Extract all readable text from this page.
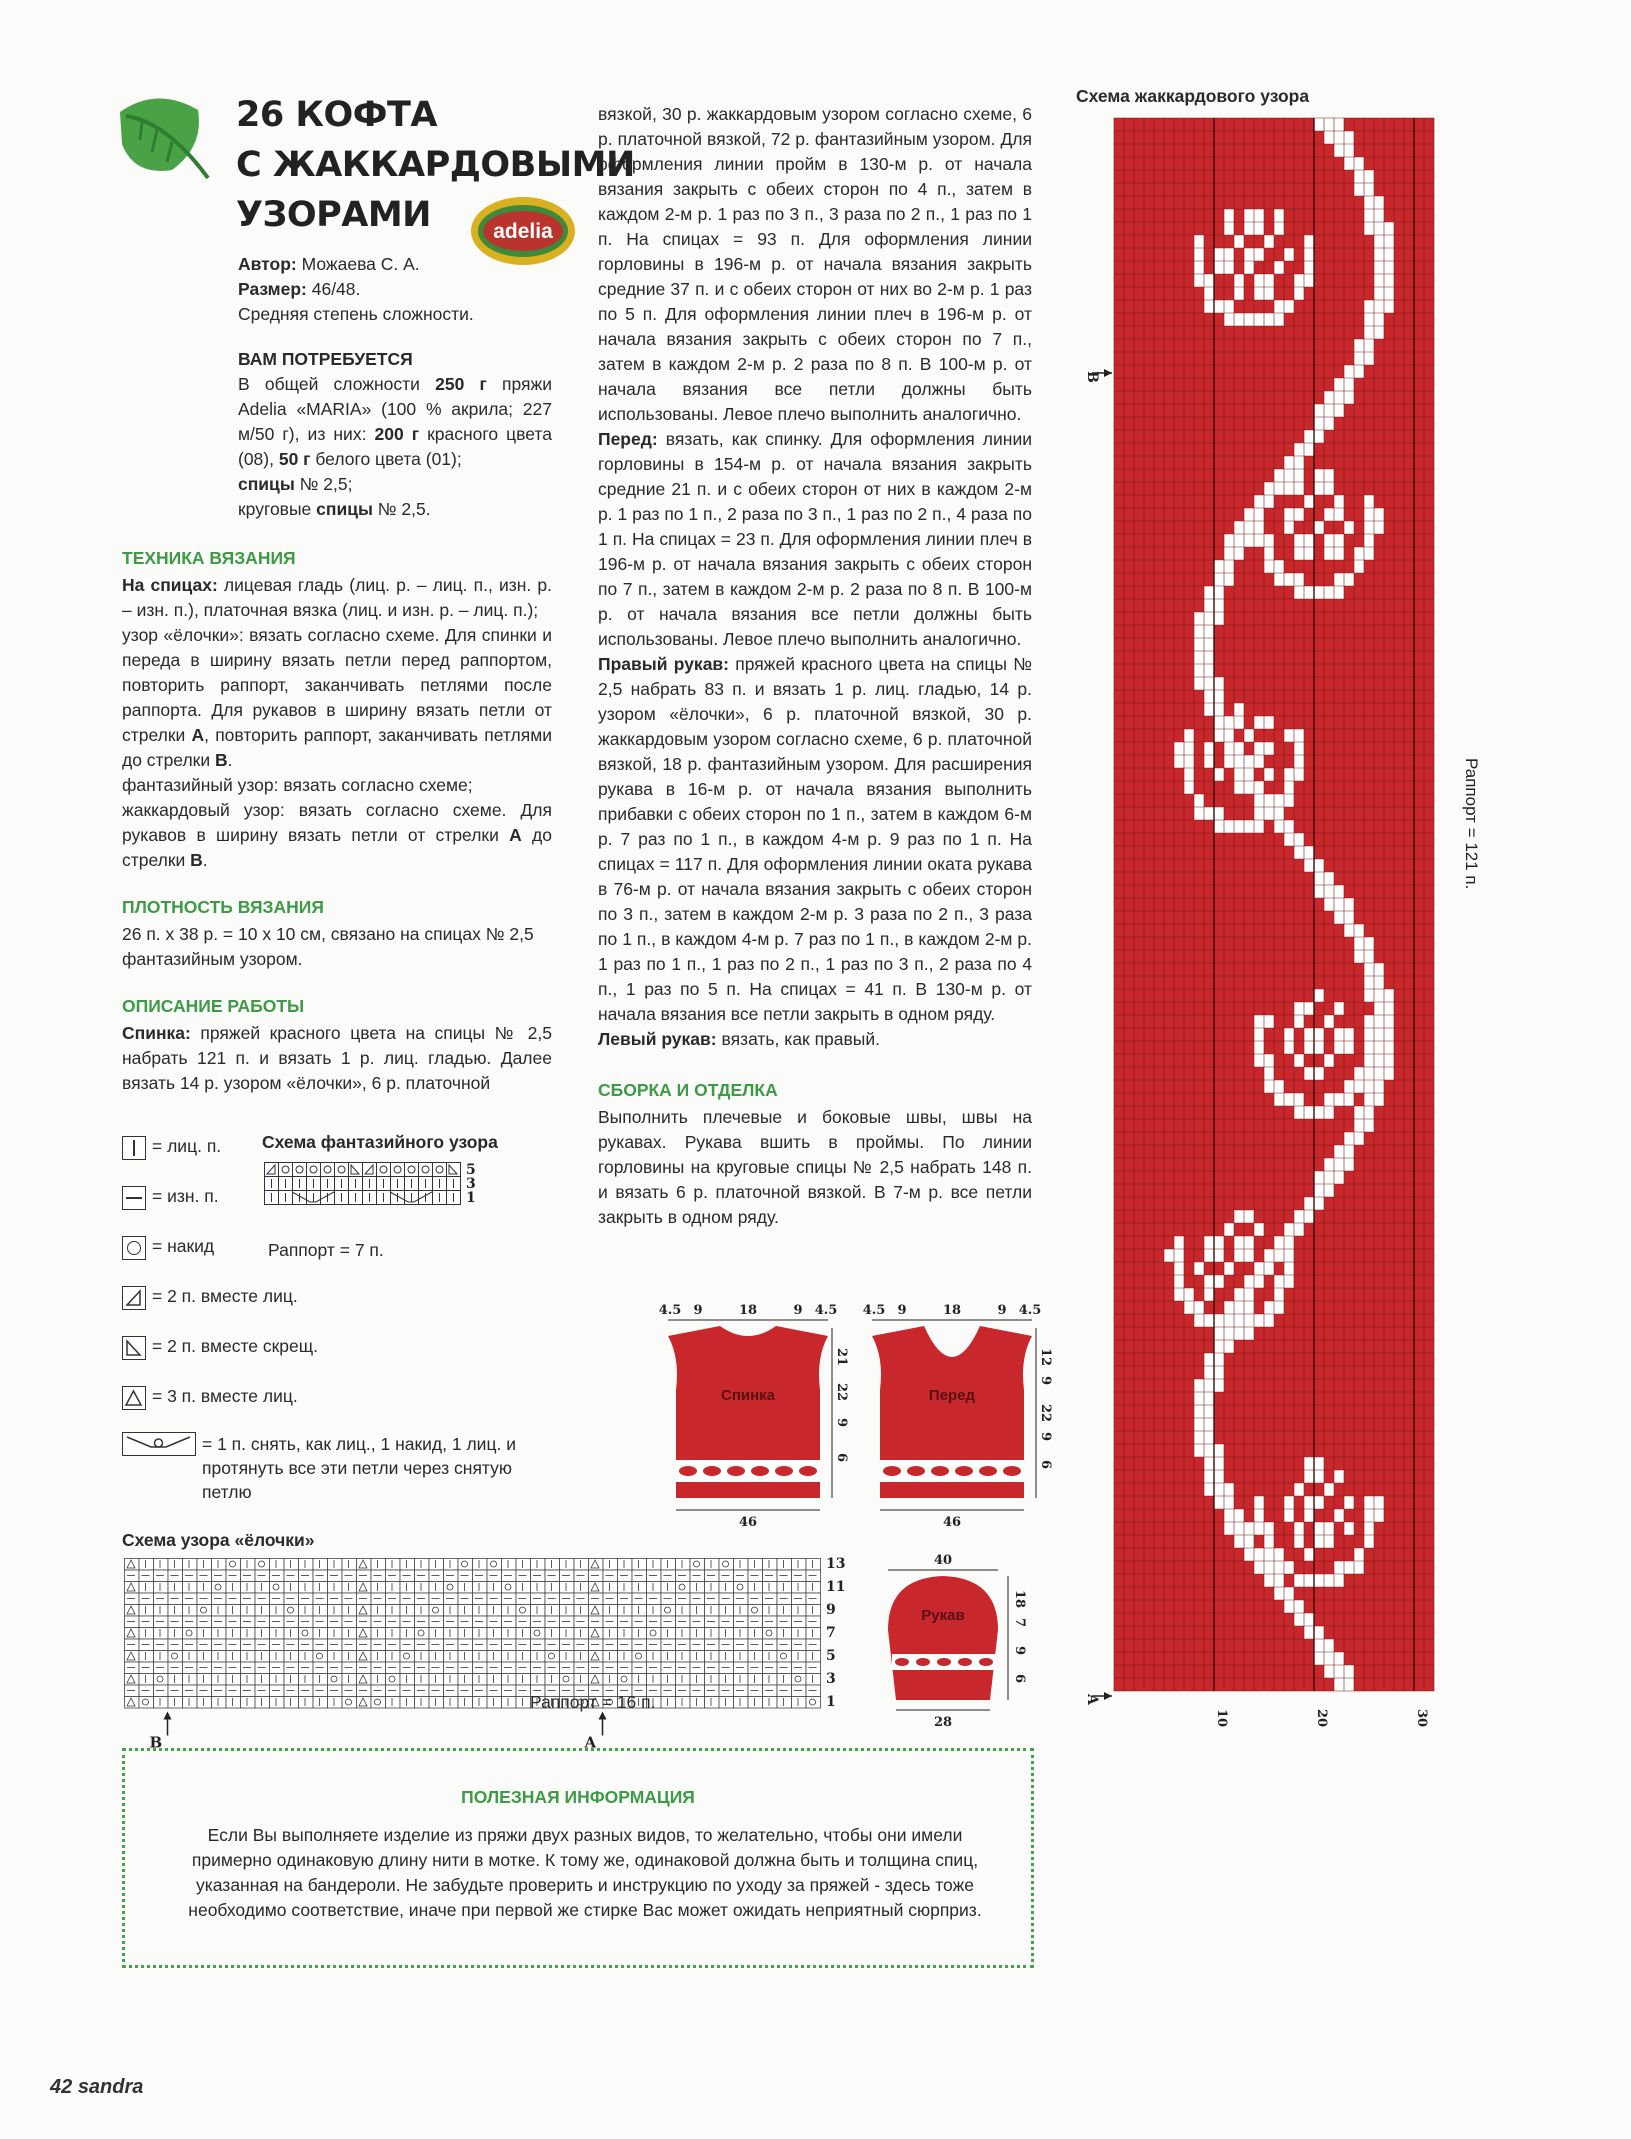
26 КОФТА
С ЖАККАРДОВЫМИ
УЗОРАМИ	adelia

Автор: Можаева С. А.

Размер: 46/48.

Средняя степень сложности.

ВАМ ПОТРЕБУЕТСЯ

В общей сложности 250 г пряжи Adelia «MARIA» (100 % акрила; 227 м/50 г), из них: 200 г красного цвета (08), 50 г белого цвета (01);
спицы № 2,5;
круговые спицы № 2,5.

ТЕХНИКА ВЯЗАНИЯ

На спицах: лицевая гладь (лиц. р. – лиц. п., изн. р. – изн. п.), платочная вязка (лиц. и изн. р. – лиц. п.);

узор «ёлочки»: вязать согласно схеме. Для спинки и переда в ширину вязать петли перед раппортом, повторить раппорт, заканчивать петлями после раппорта. Для рукавов в ширину вязать петли от стрелки A, повторить раппорт, заканчивать петлями до стрелки B.

фантазийный узор: вязать согласно схеме;

жаккардовый узор: вязать согласно схеме. Для рукавов в ширину вязать петли от стрелки A до стрелки B.

ПЛОТНОСТЬ ВЯЗАНИЯ

26 п. х 38 р. = 10 х 10 см, связано на спицах № 2,5 фантазийным узором.

ОПИСАНИЕ РАБОТЫ

Спинка: пряжей красного цвета на спицы № 2,5 набрать 121 п. и вязать 1 р. лиц. гладью. Далее вязать 14 р. узором «ёлочки», 6 р. платочной

вязкой, 30 р. жаккардовым узором согласно схеме, 6 р. платочной вязкой, 72 р. фантазийным узором. Для оформления линии пройм в 130-м р. от начала вязания закрыть с обеих сторон по 4 п., затем в каждом 2-м р. 1 раз по 3 п., 3 раза по 2 п., 1 раз по 1 п. На спицах = 93 п. Для оформления линии горловины в 196-м р. от начала вязания закрыть средние 37 п. и с обеих сторон от них во 2-м р. 1 раз по 5 п. Для оформления линии плеч в 196-м р. от начала вязания закрыть с обеих сторон по 7 п., затем в каждом 2-м р. 2 раза по 8 п. В 100-м р. от начала вязания все петли должны быть использованы. Левое плечо выполнить аналогично.

Перед: вязать, как спинку. Для оформления линии горловины в 154-м р. от начала вязания закрыть средние 21 п. и с обеих сторон от них в каждом 2-м р. 1 раз по 1 п., 2 раза по 3 п., 1 раз по 2 п., 4 раза по 1 п. На спицах = 23 п. Для оформления линии плеч в 196-м р. от начала вязания закрыть с обеих сторон по 7 п., затем в каждом 2-м р. 2 раза по 8 п. В 100-м р. от начала вязания все петли должны быть использованы. Левое плечо выполнить аналогично.

Правый рукав: пряжей красного цвета на спицы № 2,5 набрать 83 п. и вязать 1 р. лиц. гладью, 14 р. узором «ёлочки», 6 р. платочной вязкой, 30 р. жаккардовым узором согласно схеме, 6 р. платочной вязкой, 18 р. фантазийным узором. Для расширения рукава в 16-м р. от начала вязания выполнить прибавки с обеих сторон по 1 п., затем в каждом 6-м р. 7 раз по 1 п., в каждом 4-м р. 9 раз по 1 п. На спицах = 117 п. Для оформления линии оката рукава в 76-м р. от начала вязания закрыть с обеих сторон по 3 п., затем в каждом 2-м р. 3 раза по 2 п., 3 раза по 1 п., в каждом 4-м р. 7 раз по 1 п., в каждом 2-м р. 1 раз по 1 п., 1 раз по 2 п., 1 раз по 3 п., 2 раза по 4 п., 1 раз по 5 п. На спицах = 41 п. В 130-м р. от начала вязания все петли закрыть в одном ряду.

Левый рукав: вязать, как правый.

СБОРКА И ОТДЕЛКА

Выполнить плечевые и боковые швы, швы на рукавах. Рукава вшить в проймы. По линии горловины на круговые спицы № 2,5 набрать 148 п. и вязать 6 р. платочной вязкой. В 7-м р. все петли закрыть в одном ряду.

= лиц. п.
= изн. п.
= накид
= 2 п. вместе лиц.
= 2 п. вместе скрещ.
= 3 п. вместе лиц.
= 1 п. снять, как лиц., 1 накид, 1 лиц. и протянуть все эти петли через снятую петлю
Схема фантазийного узора
5
3
1
Раппорт = 7 п.
Схема узора «ёлочки»
13
11
9
7
5
3
1
B	A
Раппорт = 16 п.
Спинка
4.5 9	18	9 4.5
21
22
9
6
46
Перед
4.5 9	18	9 4.5
12
9
22
9
6
46
Рукав
40
28
18
7
9
6
ПОЛЕЗНАЯ ИНФОРМАЦИЯ
Если Вы выполняете изделие из пряжи двух разных видов, то желательно, чтобы они имели примерно одинаковую длину нити в мотке. К тому же, одинаковой должна быть и толщина спиц, указанная на бандероли. Не забудьте проверить и инструкцию по уходу за пряжей - здесь тоже необходимо соответствие, иначе при первой же стирке Вас может ожидать неприятный сюрприз.
Схема жаккардового узора
10	20	30
B
A
Раппорт = 121 п.
42 sandra
